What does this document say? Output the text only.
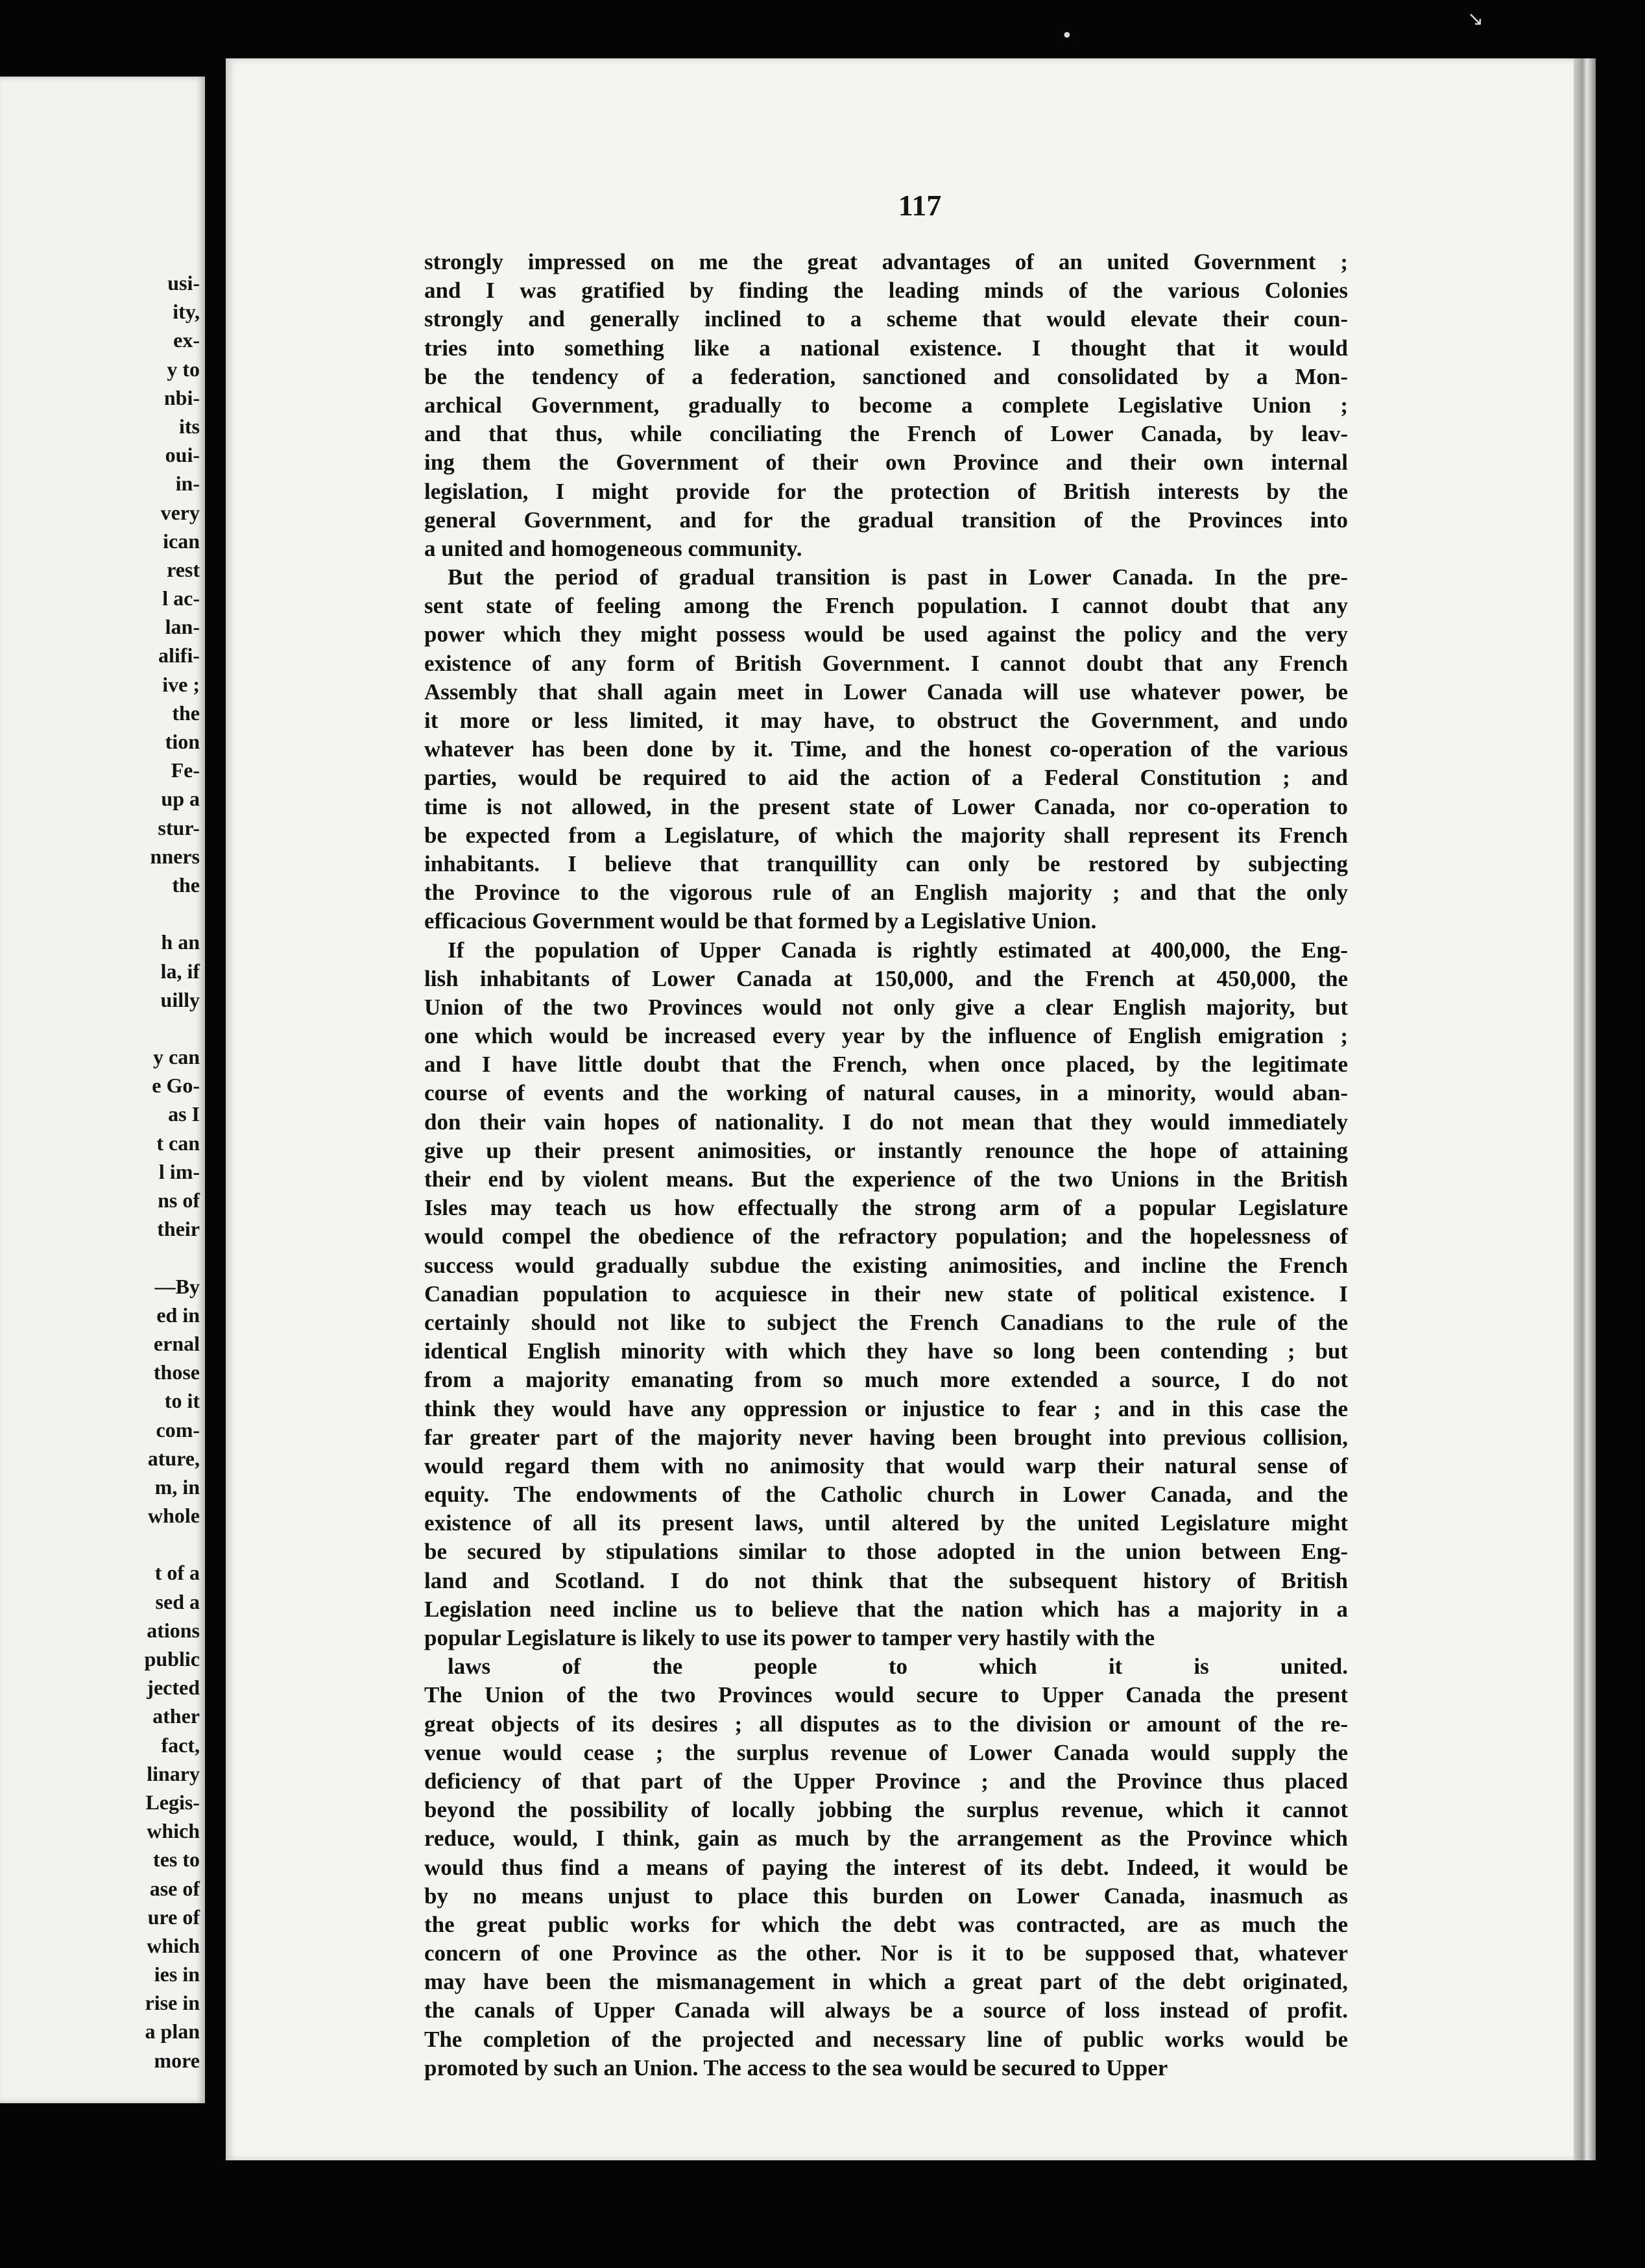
usi-
ity,
ex-
y to
nbi-
its
oui-
in-
very
ican
rest
l ac-
lan-
alifi-
ive ;
the
tion
Fe-
up a
stur-
nners
the
h an
la, if
uilly
y can
e Go-
as I
t can
l im-
ns of
their
—By
ed in
ernal
those
to it
com-
ature,
m, in
whole
t of a
sed a
ations
public
jected
ather
fact,
linary
Legis-
which
tes to
ase of
ure of
which
ies in
rise in
a plan
more
117
strongly impressed on me the great advantages of an united Government ;
and I was gratified by finding the leading minds of the various Colonies
strongly and generally inclined to a scheme that would elevate their coun-
tries into something like a national existence. I thought that it would
be the tendency of a federation, sanctioned and consolidated by a Mon-
archical Government, gradually to become a complete Legislative Union ;
and that thus, while conciliating the French of Lower Canada, by leav-
ing them the Government of their own Province and their own internal
legislation, I might provide for the protection of British interests by the
general Government, and for the gradual transition of the Provinces into
a united and homogeneous community.
But the period of gradual transition is past in Lower Canada. In the pre-
sent state of feeling among the French population. I cannot doubt that any
power which they might possess would be used against the policy and the very
existence of any form of British Government. I cannot doubt that any French
Assembly that shall again meet in Lower Canada will use whatever power, be
it more or less limited, it may have, to obstruct the Government, and undo
whatever has been done by it. Time, and the honest co-operation of the various
parties, would be required to aid the action of a Federal Constitution ; and
time is not allowed, in the present state of Lower Canada, nor co-operation to
be expected from a Legislature, of which the majority shall represent its French
inhabitants. I believe that tranquillity can only be restored by subjecting
the Province to the vigorous rule of an English majority ; and that the only
efficacious Government would be that formed by a Legislative Union.
If the population of Upper Canada is rightly estimated at 400,000, the Eng-
lish inhabitants of Lower Canada at 150,000, and the French at 450,000, the
Union of the two Provinces would not only give a clear English majority, but
one which would be increased every year by the influence of English emigration ;
and I have little doubt that the French, when once placed, by the legitimate
course of events and the working of natural causes, in a minority, would aban-
don their vain hopes of nationality. I do not mean that they would immediately
give up their present animosities, or instantly renounce the hope of attaining
their end by violent means. But the experience of the two Unions in the British
Isles may teach us how effectually the strong arm of a popular Legislature
would compel the obedience of the refractory population; and the hopelessness of
success would gradually subdue the existing animosities, and incline the French
Canadian population to acquiesce in their new state of political existence. I
certainly should not like to subject the French Canadians to the rule of the
identical English minority with which they have so long been contending ; but
from a majority emanating from so much more extended a source, I do not
think they would have any oppression or injustice to fear ; and in this case the
far greater part of the majority never having been brought into previous collision,
would regard them with no animosity that would warp their natural sense of
equity. The endowments of the Catholic church in Lower Canada, and the
existence of all its present laws, until altered by the united Legislature might
be secured by stipulations similar to those adopted in the union between Eng-
land and Scotland. I do not think that the subsequent history of British
Legislation need incline us to believe that the nation which has a majority in a
popular Legislature is likely to use its power to tamper very hastily with the
laws of the people to which it is united.
The Union of the two Provinces would secure to Upper Canada the present
great objects of its desires ; all disputes as to the division or amount of the re-
venue would cease ; the surplus revenue of Lower Canada would supply the
deficiency of that part of the Upper Province ; and the Province thus placed
beyond the possibility of locally jobbing the surplus revenue, which it cannot
reduce, would, I think, gain as much by the arrangement as the Province which
would thus find a means of paying the interest of its debt. Indeed, it would be
by no means unjust to place this burden on Lower Canada, inasmuch as
the great public works for which the debt was contracted, are as much the
concern of one Province as the other. Nor is it to be supposed that, whatever
may have been the mismanagement in which a great part of the debt originated,
the canals of Upper Canada will always be a source of loss instead of profit.
The completion of the projected and necessary line of public works would be
promoted by such an Union. The access to the sea would be secured to Upper
↘
•
